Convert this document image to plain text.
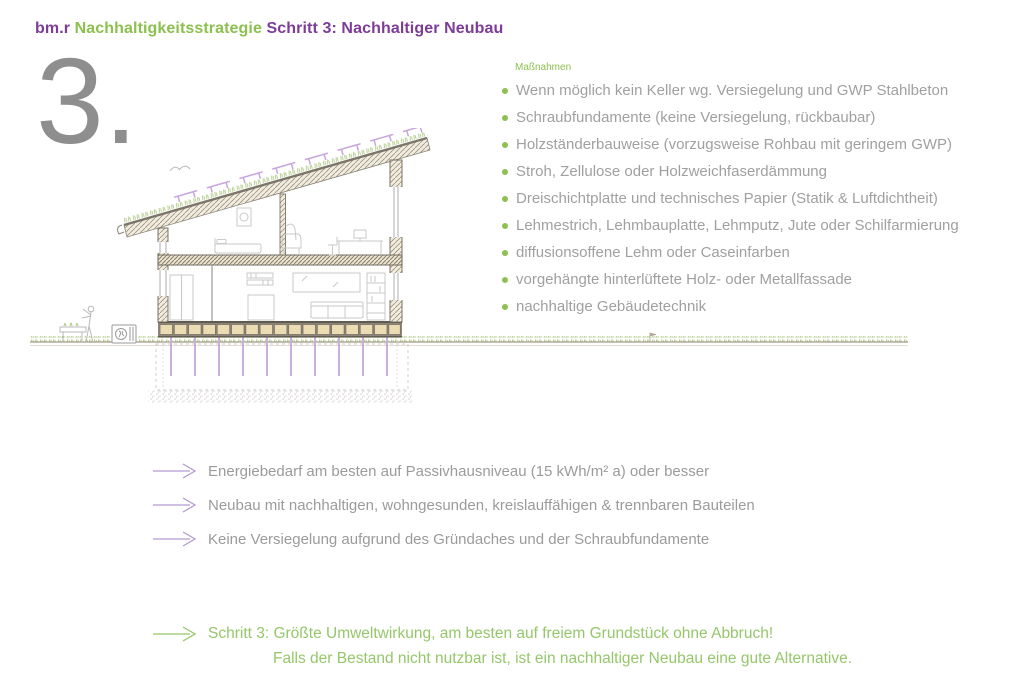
bm.r Nachhaltigkeitsstrategie Schritt 3: Nachhaltiger Neubau
3.	Maßnahmen
Wenn möglich kein Keller wg. Versiegelung und GWP Stahlbeton
Schraubfundamente (keine Versiegelung, rückbaubar)
Holzständerbauweise (vorzugsweise Rohbau mit geringem GWP)
Stroh, Zellulose oder Holzweichfaserdämmung
Dreischichtplatte und technisches Papier (Statik & Luftdichtheit)
Lehmestrich, Lehmbauplatte, Lehmputz, Jute oder Schilfarmierung
diffusionsoffene Lehm oder Caseinfarben
vorgehängte hinterlüftete Holz- oder Metallfassade
nachhaltige Gebäudetechnik
Energiebedarf am besten auf Passivhausniveau (15 kWh/m² a) oder besser
Neubau mit nachhaltigen, wohngesunden, kreislauffähigen & trennbaren Bauteilen
Keine Versiegelung aufgrund des Gründaches und der Schraubfundamente
Schritt 3: Größte Umweltwirkung, am besten auf freiem Grundstück ohne Abbruch!
Falls der Bestand nicht nutzbar ist, ist ein nachhaltiger Neubau eine gute Alternative.
